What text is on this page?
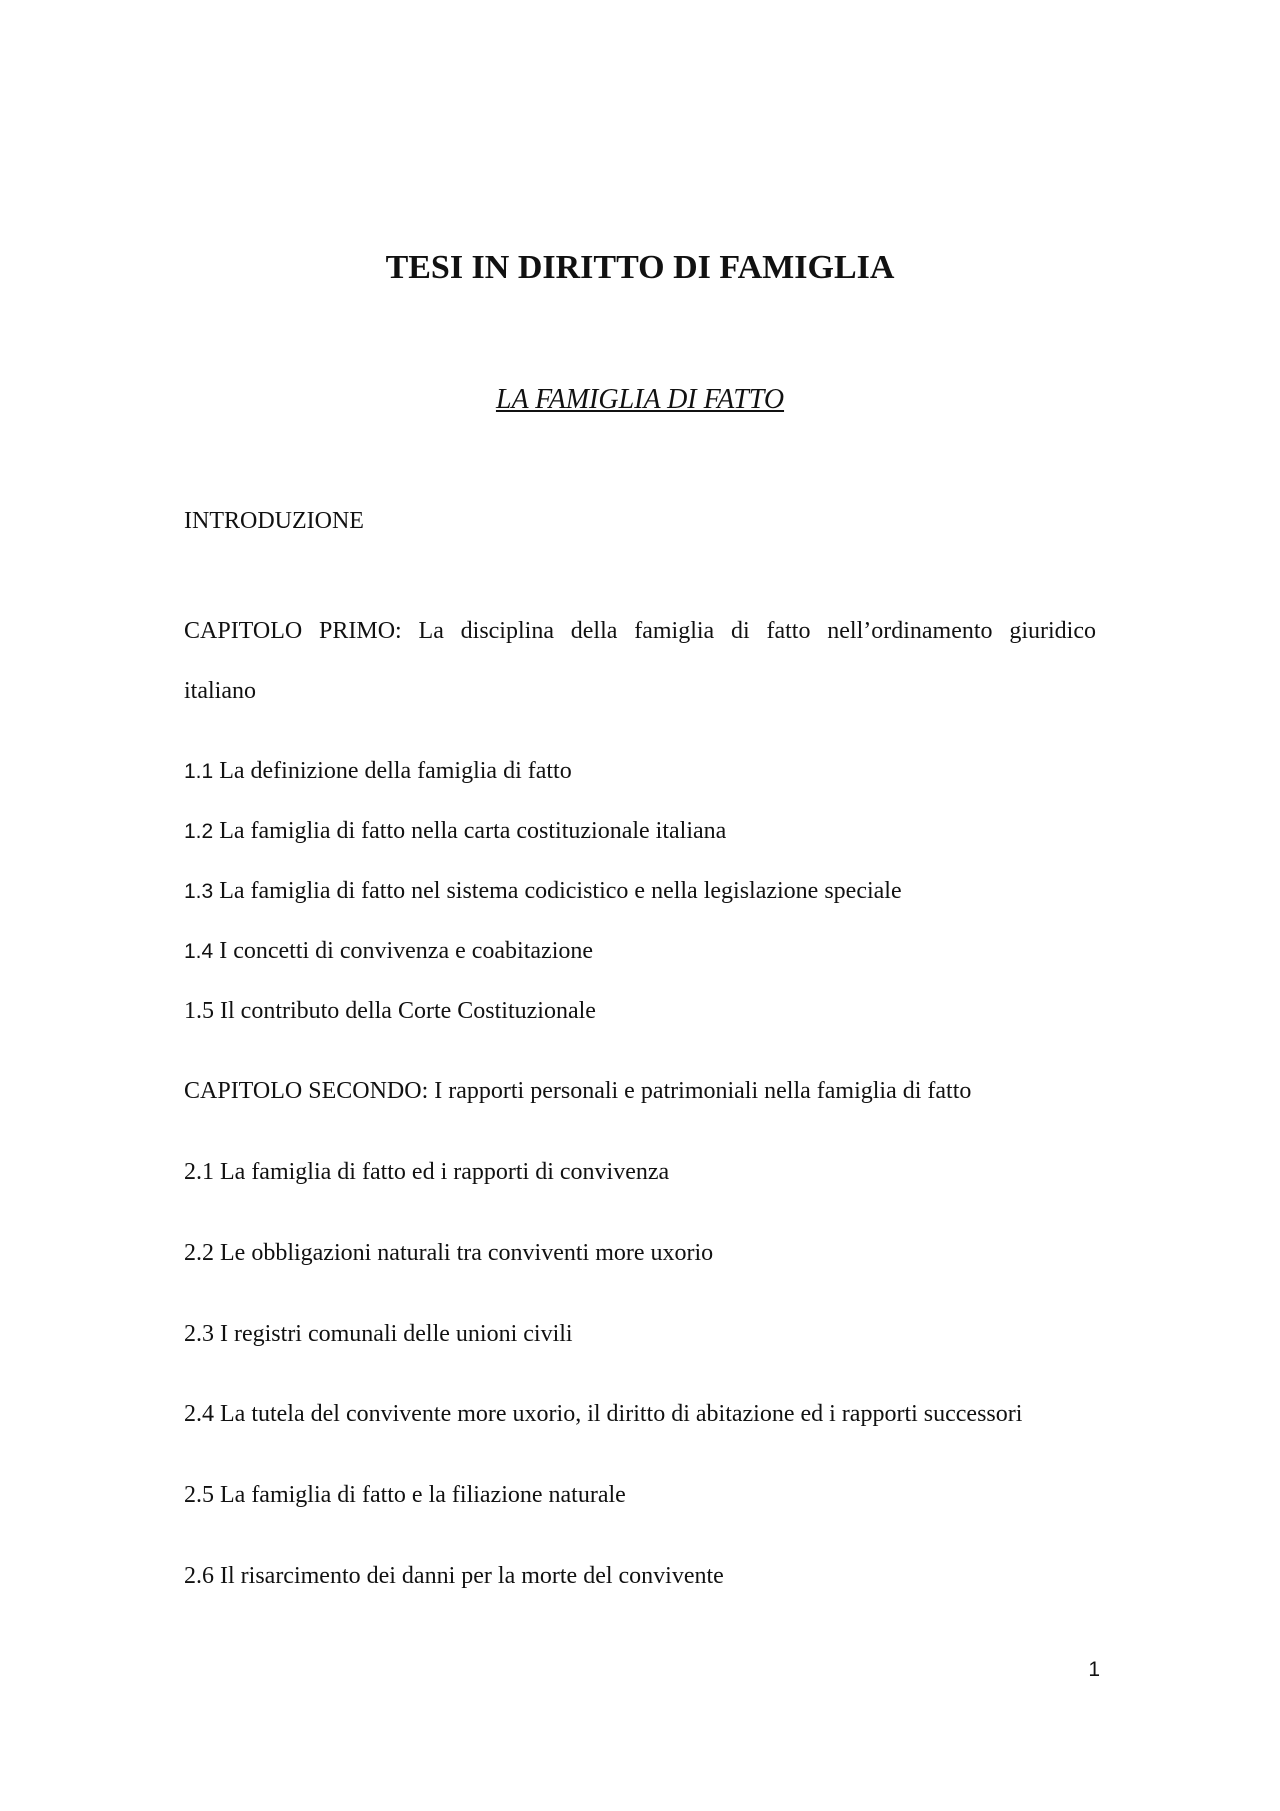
TESI IN DIRITTO DI FAMIGLIA
LA FAMIGLIA DI FATTO
INTRODUZIONE
CAPITOLO PRIMO: La disciplina della famiglia di fatto nell’ordinamento giuridico
italiano
1.1 La definizione della famiglia di fatto
1.2 La famiglia di fatto nella carta costituzionale italiana
1.3 La famiglia di fatto nel sistema codicistico e nella legislazione speciale
1.4 I concetti di convivenza e coabitazione
1.5 Il contributo della Corte Costituzionale
CAPITOLO SECONDO: I rapporti personali e patrimoniali nella famiglia di fatto
2.1 La famiglia di fatto ed i rapporti di convivenza
2.2 Le obbligazioni naturali tra conviventi more uxorio
2.3 I registri comunali delle unioni civili
2.4 La tutela del convivente more uxorio, il diritto di abitazione ed i rapporti successori
2.5 La famiglia di fatto e la filiazione naturale
2.6 Il risarcimento dei danni per la morte del convivente
1
